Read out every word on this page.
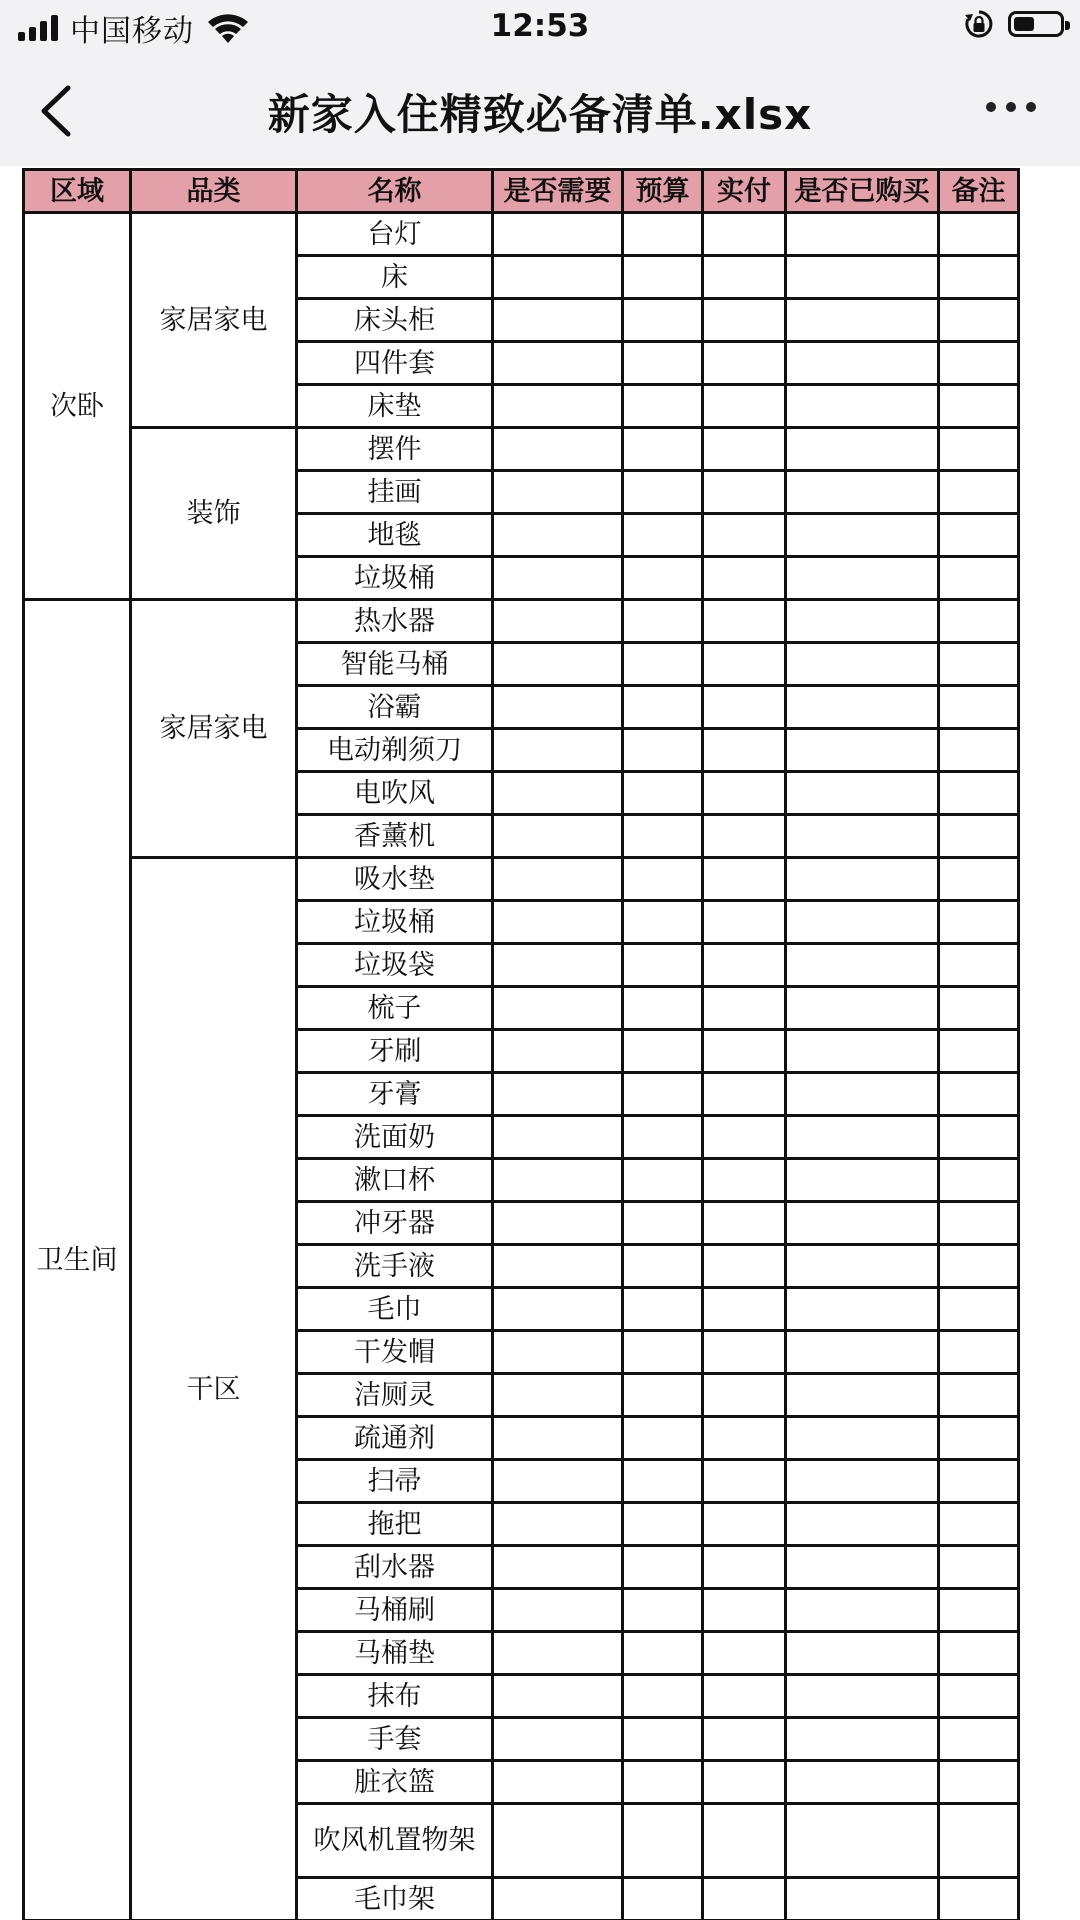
中国移动	12:53
新家入住精致必备清单.xlsx
区域	品类	名称	是否需要	预算	实付	是否已购买	备注
次卧	家居家电	台灯					
		床					
		床头柜					
		四件套					
		床垫					
	装饰	摆件					
		挂画					
		地毯					
		垃圾桶					
卫生间	家居家电	热水器					
		智能马桶					
		浴霸					
		电动剃须刀					
		电吹风					
		香薰机					
	干区	吸水垫					
		垃圾桶					
		垃圾袋					
		梳子					
		牙刷					
		牙膏					
		洗面奶					
		漱口杯					
		冲牙器					
		洗手液					
		毛巾					
		干发帽					
		洁厕灵					
		疏通剂					
		扫帚					
		拖把					
		刮水器					
		马桶刷					
		马桶垫					
		抹布					
		手套					
		脏衣篮					
		吹风机置物架					
		毛巾架					
